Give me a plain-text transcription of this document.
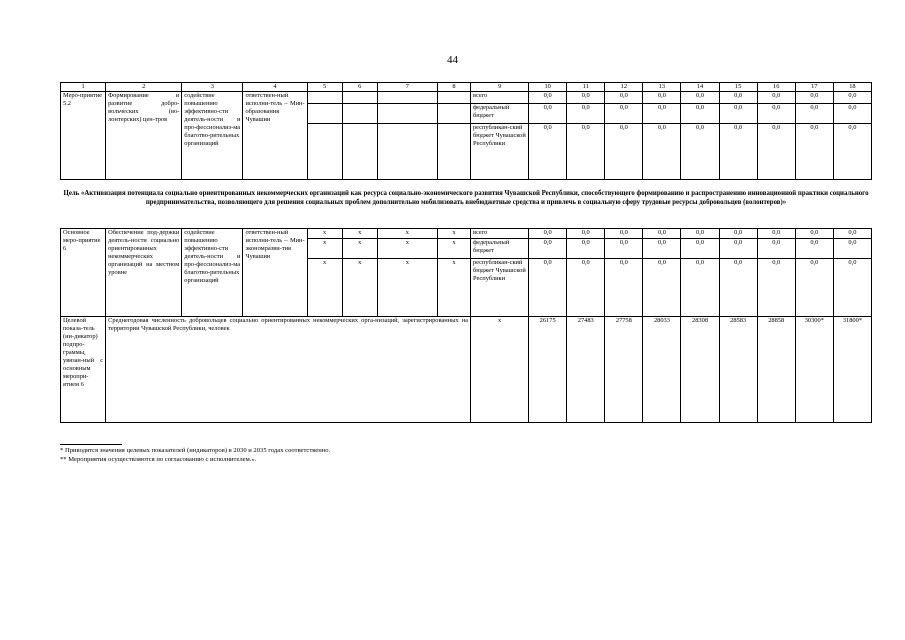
44
1	2	3	4	5	6	7	8	9	10	11	12	13	14	15	16	17	18
Меро-приятие 5.2	Формирование и развитие добро-вольческих (во-лонтерских) цен-тров	содействие повышению эффективно-сти деятель-ности и про-фессионализ-ма благотво-рительных организаций	ответствен-ный исполни-тель – Мин-образования Чувашии					всего	0,0	0,0	0,0	0,0	0,0	0,0	0,0	0,0	0,0
								федеральный бюджет	0,0	0,0	0,0	0,0	0,0	0,0	0,0	0,0	0,0
								республикан-ский бюджет Чувашской Республики	0,0	0,0	0,0	0,0	0,0	0,0	0,0	0,0	0,0
Цель «Активизация потенциала социально ориентированных некоммерческих организаций как ресурса социально-экономического развития Чувашской Республики, способствующего формированию и распространению инновационной практики социального предпринимательства, позволяющего для решения социальных проблем дополнительно мобилизовать внебюджетные средства и привлечь в социальную сферу трудовые ресурсы добровольцев (волонтеров)»
Основное меро-приятие 6	Обеспечение под-держки деятель-ности социально ориентированных некоммерческих организаций на местном уровне	содействие повышению эффективно-сти деятель-ности и про-фессионализ-ма благотво-рительных организаций	ответствен-ный исполни-тель – Мин-экономразви-тия Чувашии	x	x	x	x	всего	0,0	0,0	0,0	0,0	0,0	0,0	0,0	0,0	0,0
				x	x	x	x	федеральный бюджет	0,0	0,0	0,0	0,0	0,0	0,0	0,0	0,0	0,0
				x	x	x	x	республикан-ский бюджет Чувашской Республики	0,0	0,0	0,0	0,0	0,0	0,0	0,0	0,0	0,0
Целевой показа-тель (ин-дикатор) подпро-граммы, увязан-ный с основным меропри-ятием 6	Среднегодовая численность добровольцев социально ориентированных некоммерческих орга-низаций, зарегистрированных на территории Чувашской Республики, человек							x	26175	27483	27758	28033	28308	28583	28858	30300*	31800*
* Приводятся значения целевых показателей (индикаторов) в 2030 и 2035 годах соответственно.
** Мероприятия осуществляются по согласованию с исполнителем.».
